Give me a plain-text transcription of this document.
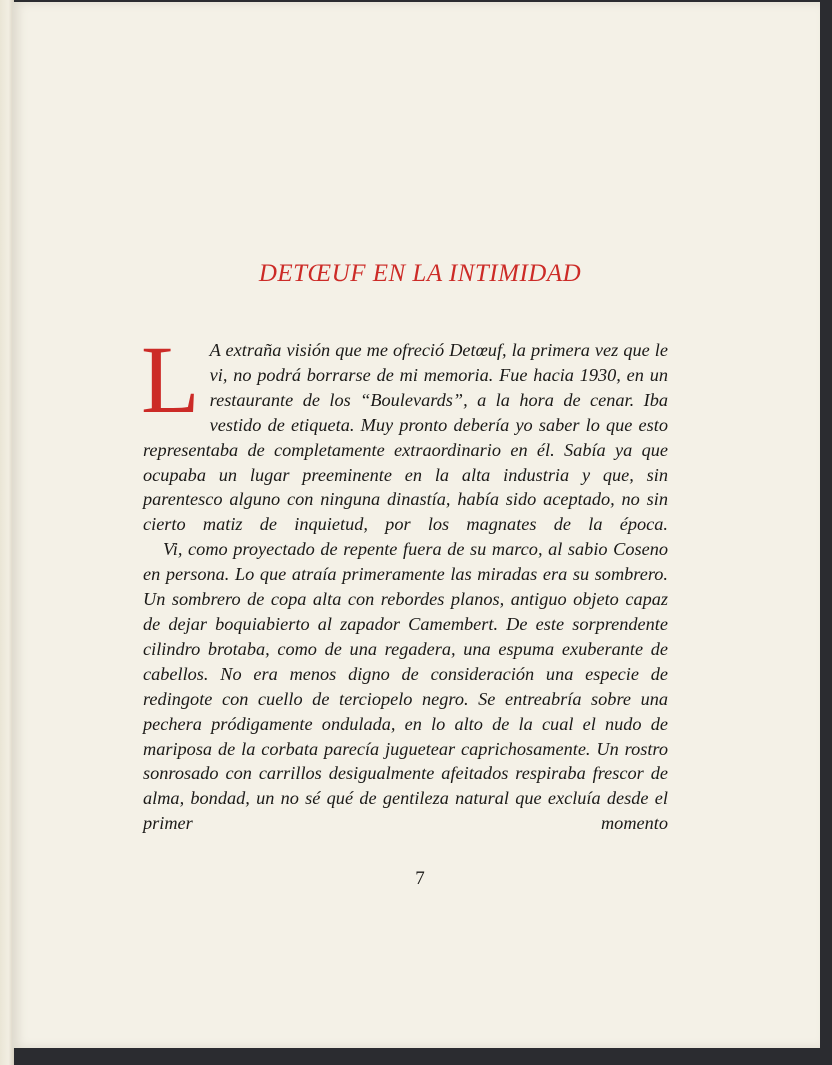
DETŒUF EN LA INTIMIDAD

L A extraña visión que me ofreció Detœuf, la primera vez que le vi, no podrá borrarse de mi memoria. Fue hacia 1930, en un restaurante de los “Boulevards”, a la hora de cenar. Iba vestido de etiqueta. Muy pronto debería yo saber lo que esto representaba de completamente extraordinario en él. Sabía ya que ocupaba un lugar preeminente en la alta industria y que, sin parentesco alguno con ninguna dinastía, había sido aceptado, no sin cierto matiz de inquietud, por los magnates de la época.

Vi, como proyectado de repente fuera de su marco, al sabio Coseno en persona. Lo que atraía primeramente las miradas era su sombrero. Un sombrero de copa alta con rebordes planos, antiguo objeto capaz de dejar boquiabierto al zapador Camembert. De este sorprendente cilindro brotaba, como de una regadera, una espuma exuberante de cabellos. No era menos digno de consideración una especie de redingote con cuello de terciopelo negro. Se entreabría sobre una pechera pródigamente ondulada, en lo alto de la cual el nudo de mariposa de la corbata parecía juguetear caprichosamente. Un rostro sonrosado con carrillos desigualmente afeitados respiraba frescor de alma, bondad, un no sé qué de gentileza natural que excluía desde el primer momento

7
